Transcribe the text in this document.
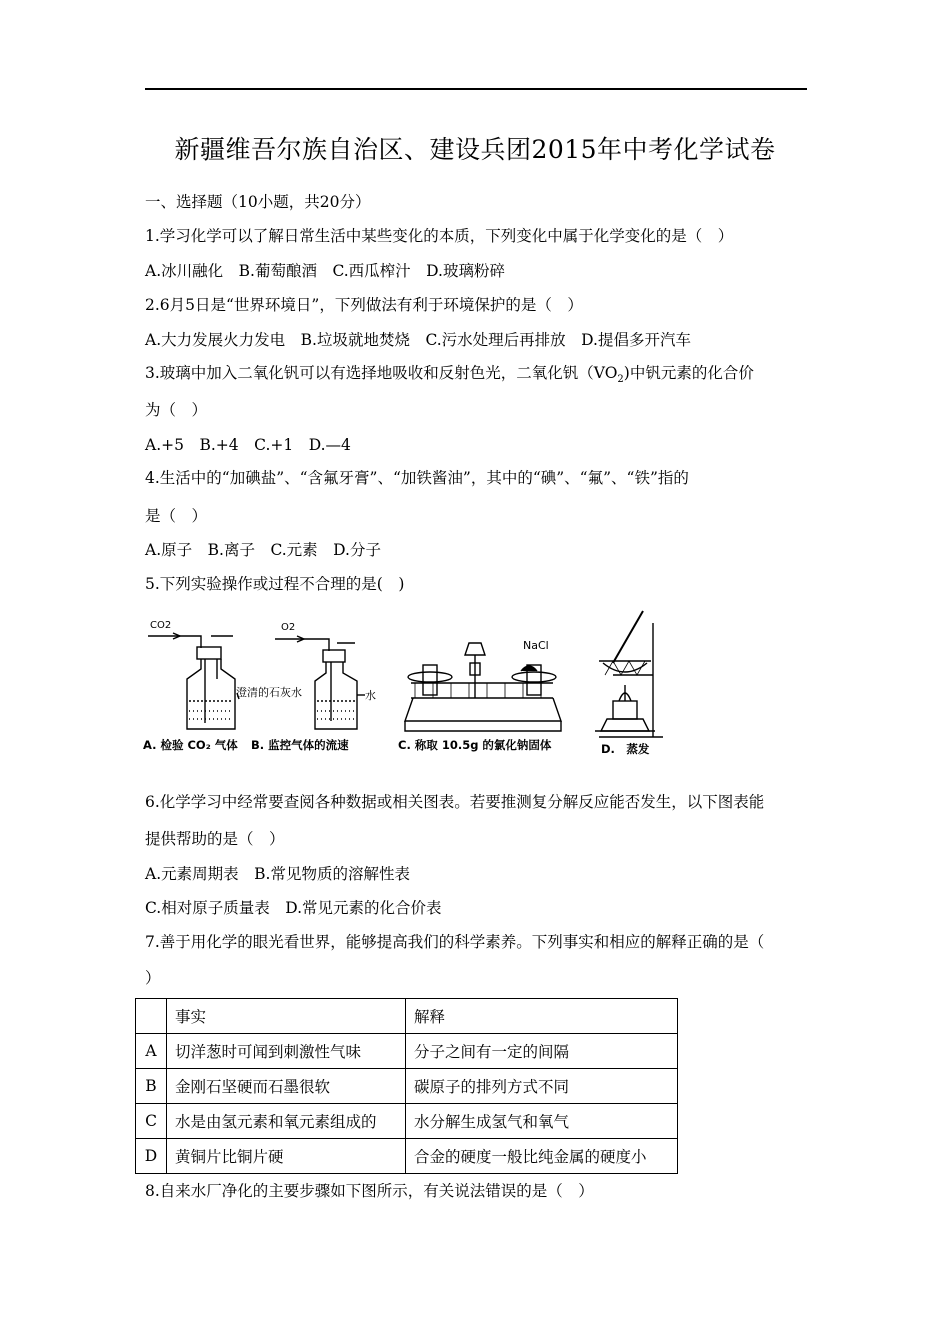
新疆维吾尔族自治区、建设兵团2015年中考化学试卷
一、选择题（10小题，共20分）
1.学习化学可以了解日常生活中某些变化的本质，下列变化中属于化学变化的是（　）
A.冰川融化　B.葡萄酿酒　C.西瓜榨汁　D.玻璃粉碎
2.6月5日是“世界环境日”，下列做法有利于环境保护的是（　）
A.大力发展火力发电　B.垃圾就地焚烧　C.污水处理后再排放　D.提倡多开汽车
3.玻璃中加入二氧化钒可以有选择地吸收和反射色光，二氧化钒$(VO_2)$中钒元素的化合价
为（　）
A.+5　B.+4　C.+1　D.—4
4.生活中的“加碘盐”、“含氟牙膏”、“加铁酱油”，其中的“碘”、“氟”、“铁”指的
是（　）
A.原子　B.离子　C.元素　D.分子
5.下列实验操作或过程不合理的是(　)
CO2	O2
澄清的石灰水	水
NaCl
A. 检验 CO₂ 气体 B. 监控气体的流速	C. 称取 10.5g 的氯化钠固体	D.　蒸发
6.化学学习中经常要查阅各种数据或相关图表。若要推测复分解反应能否发生，以下图表能
提供帮助的是（　）
A.元素周期表　B.常见物质的溶解性表
C.相对原子质量表　D.常见元素的化合价表
7.善于用化学的眼光看世界，能够提高我们的科学素养。下列事实和相应的解释正确的是（
）
	事实	解释
A	切洋葱时可闻到刺激性气味	分子之间有一定的间隔
B	金刚石坚硬而石墨很软	碳原子的排列方式不同
C	水是由氢元素和氧元素组成的	水分解生成氢气和氧气
D	黄铜片比铜片硬	合金的硬度一般比纯金属的硬度小
8.自来水厂净化的主要步骤如下图所示，有关说法错误的是（　）
